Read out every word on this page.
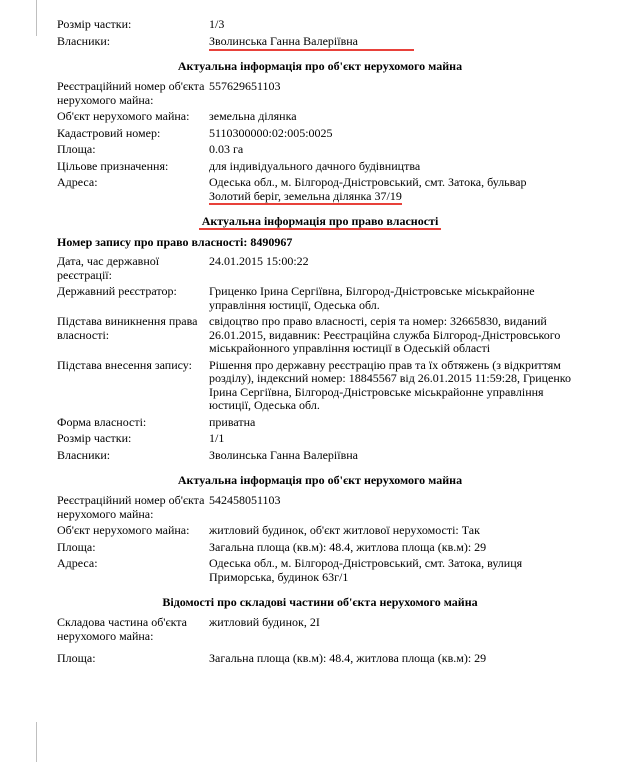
Розмір частки:	1/3
Власники:	Зволинська Ганна Валеріївна
Актуальна інформація про об'єкт нерухомого майна
Реєстраційний номер об'єкта нерухомого майна:
557629651103
Об'єкт нерухомого майна:	земельна ділянка
Кадастровий номер:	5110300000:02:005:0025
Площа:	0.03 га
Цільове призначення:	для індивідуального дачного будівництва
Адреса:	Одеська обл., м. Білгород-Дністровський, смт. Затока, бульвар
Золотий беріг, земельна ділянка 37/19
Актуальна інформація про право власності
Номер запису про право власності: 8490967
Дата, час державної реєстрації:
24.01.2015 15:00:22
Державний реєстратор:	Гриценко Ірина Сергіївна, Білгород-Дністровське міськрайонне управління юстиції, Одеська обл.
Підстава виникнення права власності:
свідоцтво про право власності, серія та номер: 32665830, виданий 26.01.2015, видавник: Реєстраційна служба Білгород-Дністровського міськрайонного управління юстиції в Одеській області
Підстава внесення запису:	Рішення про державну реєстрацію прав та їх обтяжень (з відкриттям розділу), індексний номер: 18845567 від 26.01.2015 11:59:28, Гриценко Ірина Сергіївна, Білгород-Дністровське міськрайонне управління юстиції, Одеська обл.
Форма власності:	приватна
Розмір частки:	1/1
Власники:	Зволинська Ганна Валеріївна
Актуальна інформація про об'єкт нерухомого майна
Реєстраційний номер об'єкта нерухомого майна:
542458051103
Об'єкт нерухомого майна:	житловий будинок, об'єкт житлової нерухомості: Так
Площа:	Загальна площа (кв.м): 48.4, житлова площа (кв.м): 29
Адреса:	Одеська обл., м. Білгород-Дністровський, смт. Затока, вулиця Приморська, будинок 63г/1
Відомості про складові частини об'єкта нерухомого майна
Складова частина об'єкта нерухомого майна:
житловий будинок, 2І
Площа:	Загальна площа (кв.м): 48.4, житлова площа (кв.м): 29
